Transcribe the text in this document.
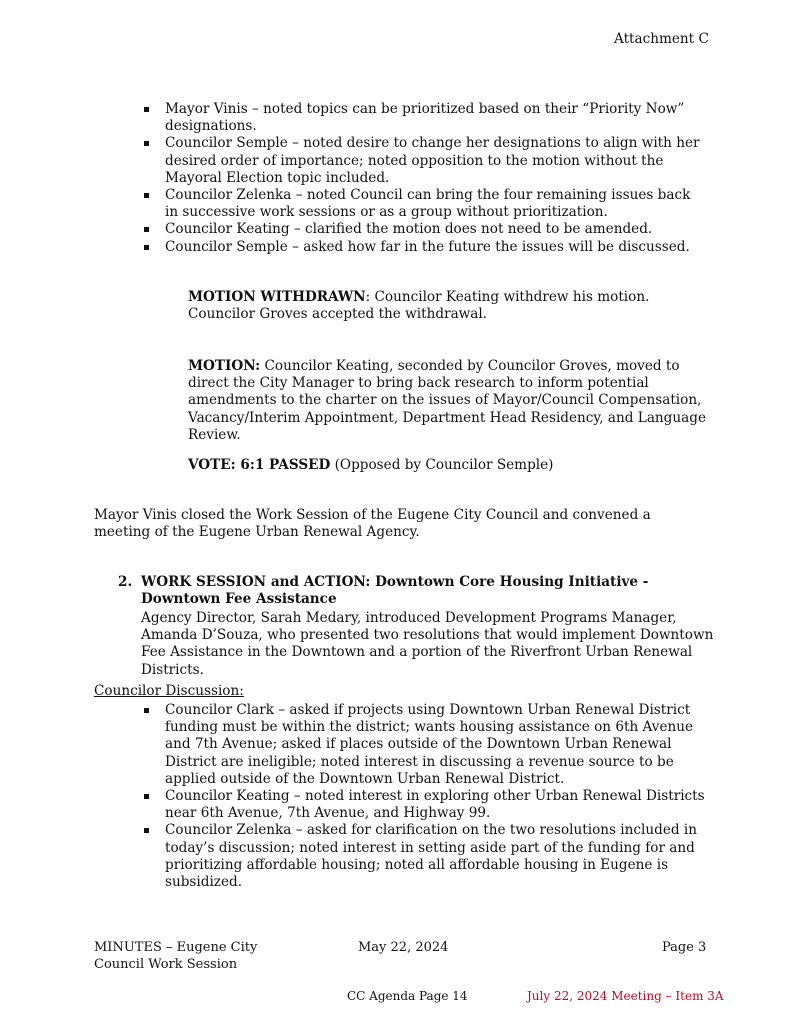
Attachment C
Mayor Vinis – noted topics can be prioritized based on their “Priority Now” designations.
Councilor Semple – noted desire to change her designations to align with her desired order of importance; noted opposition to the motion without the Mayoral Election topic included.
Councilor Zelenka – noted Council can bring the four remaining issues back in successive work sessions or as a group without prioritization.
Councilor Keating – clarified the motion does not need to be amended.
Councilor Semple – asked how far in the future the issues will be discussed.
MOTION WITHDRAWN: Councilor Keating withdrew his motion. Councilor Groves accepted the withdrawal.
MOTION: Councilor Keating, seconded by Councilor Groves, moved to direct the City Manager to bring back research to inform potential amendments to the charter on the issues of Mayor/Council Compensation, Vacancy/Interim Appointment, Department Head Residency, and Language Review.
VOTE: 6:1 PASSED (Opposed by Councilor Semple)
Mayor Vinis closed the Work Session of the Eugene City Council and convened a meeting of the Eugene Urban Renewal Agency.
2. WORK SESSION and ACTION: Downtown Core Housing Initiative - Downtown Fee Assistance
Agency Director, Sarah Medary, introduced Development Programs Manager, Amanda D’Souza, who presented two resolutions that would implement Downtown Fee Assistance in the Downtown and a portion of the Riverfront Urban Renewal Districts.
Councilor Discussion:
Councilor Clark – asked if projects using Downtown Urban Renewal District funding must be within the district; wants housing assistance on 6th Avenue and 7th Avenue; asked if places outside of the Downtown Urban Renewal District are ineligible; noted interest in discussing a revenue source to be applied outside of the Downtown Urban Renewal District.
Councilor Keating – noted interest in exploring other Urban Renewal Districts near 6th Avenue, 7th Avenue, and Highway 99.
Councilor Zelenka – asked for clarification on the two resolutions included in today’s discussion; noted interest in setting aside part of the funding for and prioritizing affordable housing; noted all affordable housing in Eugene is subsidized.
MINUTES – Eugene City Council Work Session
May 22, 2024	Page 3
CC Agenda Page 14	July 22, 2024 Meeting – Item 3A
